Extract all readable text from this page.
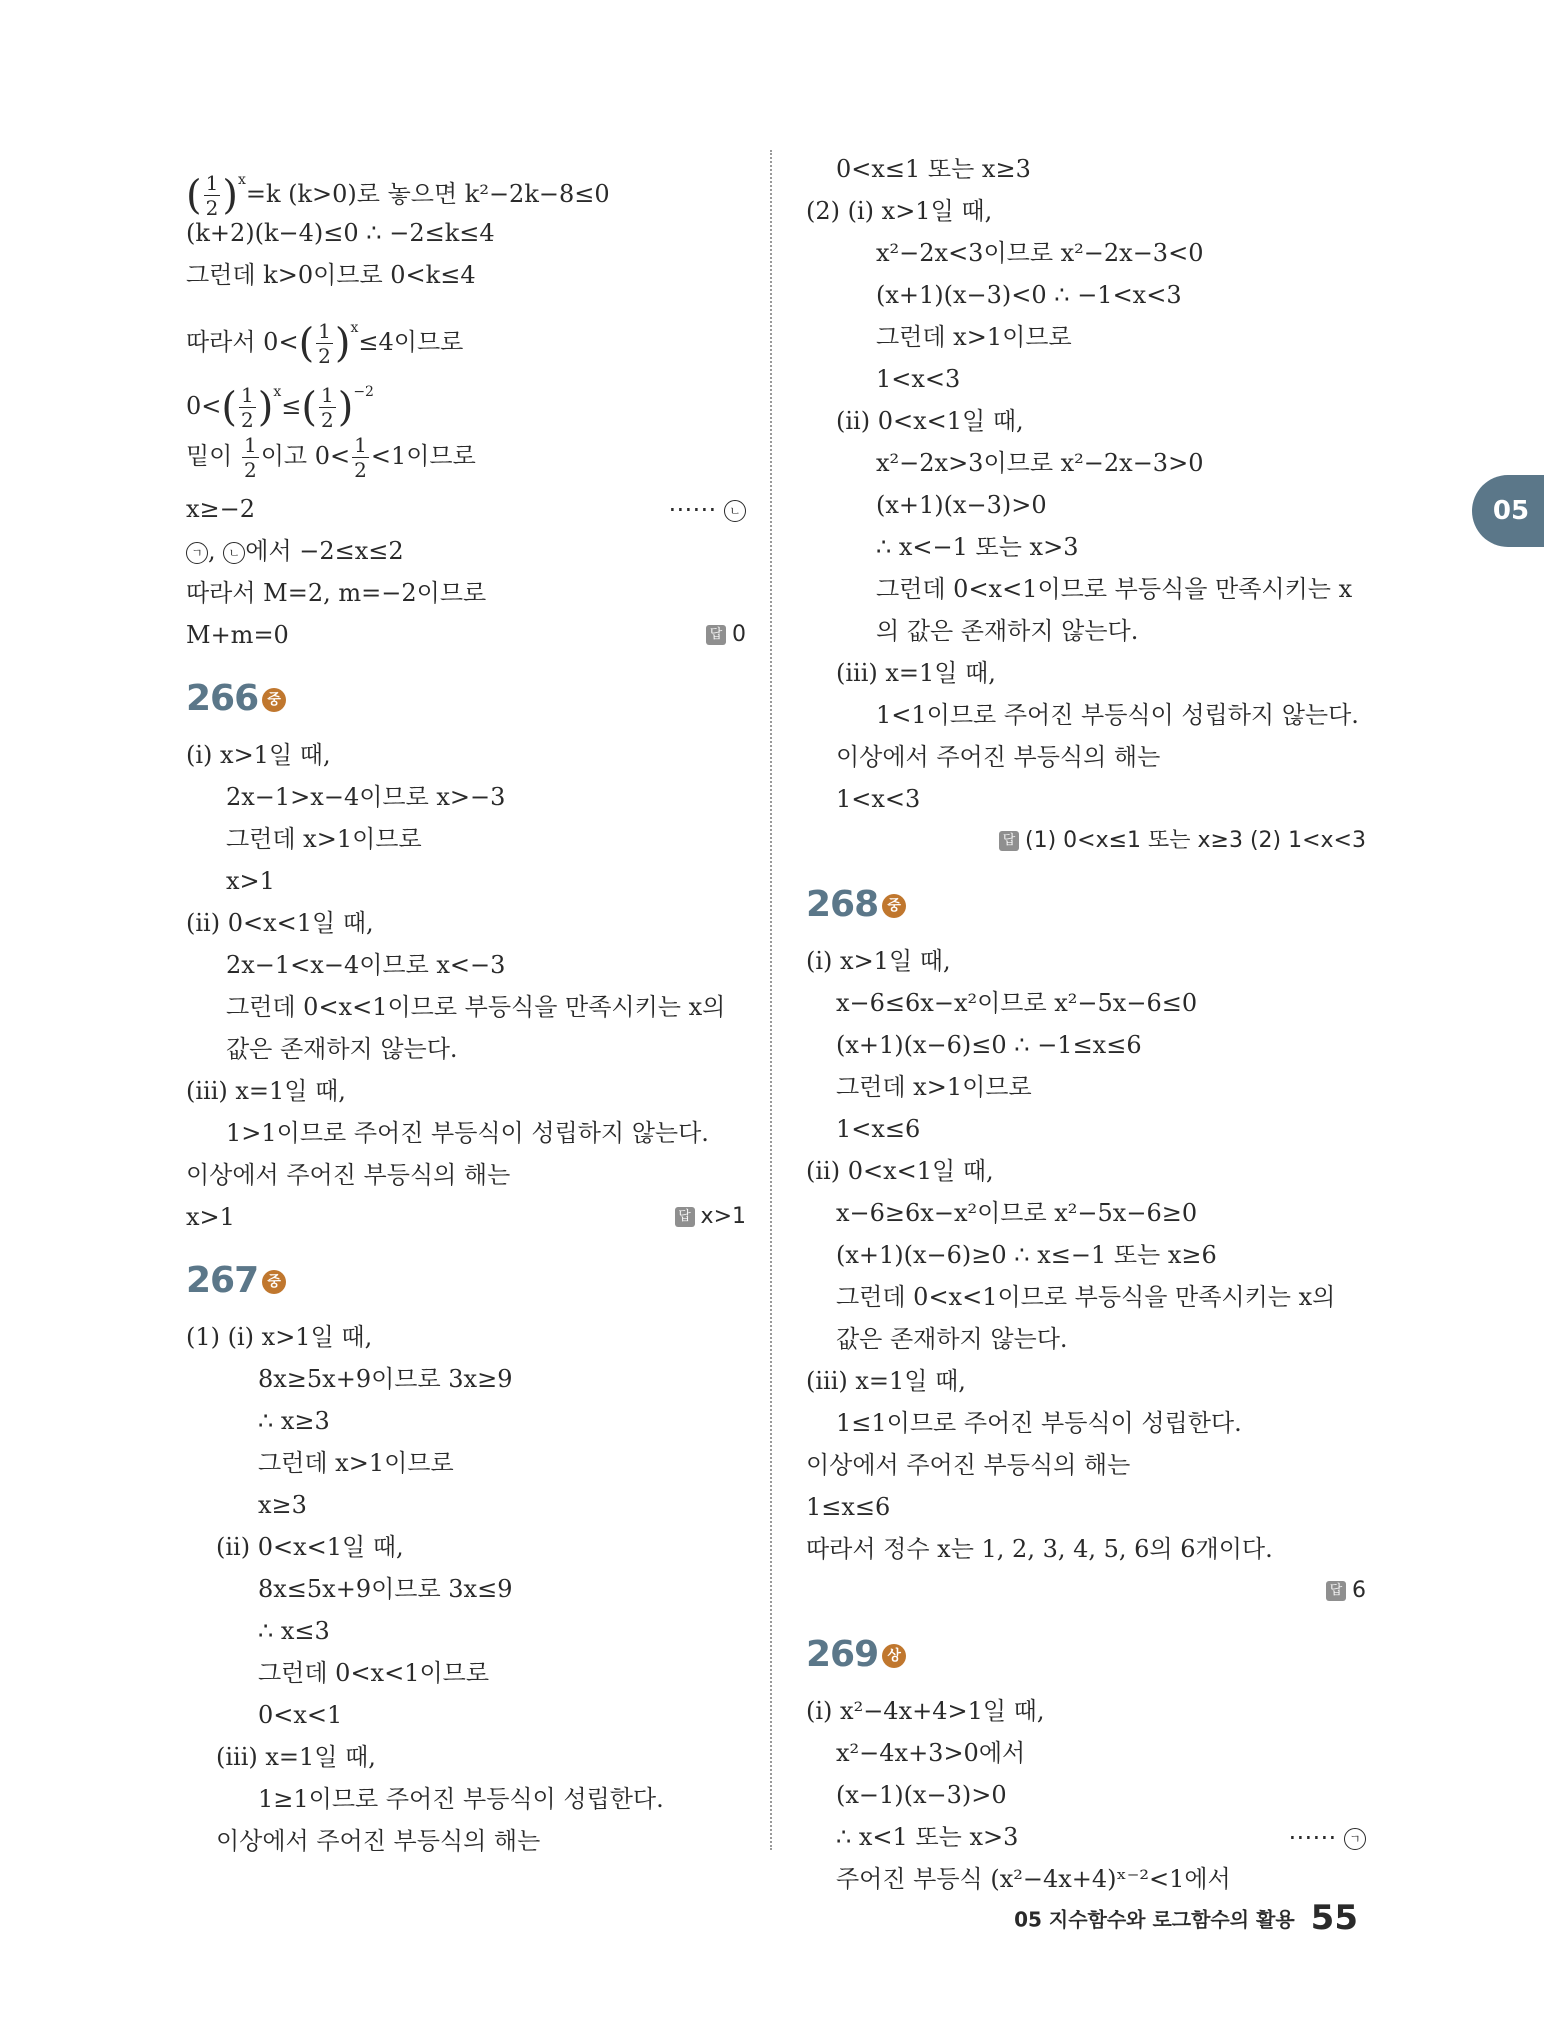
( $\frac{1}{2} )^x=k$ (k>0)로 놓으면 k²−2k−8≤0
(k+2)(k−4)≤0 ∴ −2≤k≤4
그런데 k>0이므로 0<k≤4
따라서 $0<( \frac{1}{2} )^x\le 4$이므로
$0<( \frac{1}{2} )^x\le( \frac{1}{2} )^{-2}$
밑이 $\frac{1}{2}$ 이고 $0< \frac{1}{2} <1$이므로
x≥−2	⋯⋯ ㄴ
ㄱ , ㄴ 에서 −2≤x≤2
따라서 M=2, m=−2이므로
M+m=0	답 0
266 중
(i) x>1일 때,
2x−1>x−4이므로 x>−3
그런데 x>1이므로
x>1
(ii) 0<x<1일 때,
2x−1<x−4이므로 x<−3
그런데 0<x<1이므로 부등식을 만족시키는 x의
값은 존재하지 않는다.
(iii) x=1일 때,
1>1이므로 주어진 부등식이 성립하지 않는다.
이상에서 주어진 부등식의 해는
x>1	답 x>1
267 중
(1) (i) x>1일 때,
8x≥5x+9이므로 3x≥9
∴ x≥3
그런데 x>1이므로
x≥3
(ii) 0<x<1일 때,
8x≤5x+9이므로 3x≤9
∴ x≤3
그런데 0<x<1이므로
0<x<1
(iii) x=1일 때,
1≥1이므로 주어진 부등식이 성립한다.
이상에서 주어진 부등식의 해는
0<x≤1 또는 x≥3
(2) (i) x>1일 때,
x²−2x<3이므로 x²−2x−3<0
(x+1)(x−3)<0 ∴ −1<x<3
그런데 x>1이므로
1<x<3
(ii) 0<x<1일 때,
x²−2x>3이므로 x²−2x−3>0
(x+1)(x−3)>0
∴ x<−1 또는 x>3
그런데 0<x<1이므로 부등식을 만족시키는 x
의 값은 존재하지 않는다.
(iii) x=1일 때,
1<1이므로 주어진 부등식이 성립하지 않는다.
이상에서 주어진 부등식의 해는
1<x<3
답 (1) 0<x≤1 또는 x≥3 (2) 1<x<3
268 중
(i) x>1일 때,
x−6≤6x−x²이므로 x²−5x−6≤0
(x+1)(x−6)≤0 ∴ −1≤x≤6
그런데 x>1이므로
1<x≤6
(ii) 0<x<1일 때,
x−6≥6x−x²이므로 x²−5x−6≥0
(x+1)(x−6)≥0 ∴ x≤−1 또는 x≥6
그런데 0<x<1이므로 부등식을 만족시키는 x의
값은 존재하지 않는다.
(iii) x=1일 때,
1≤1이므로 주어진 부등식이 성립한다.
이상에서 주어진 부등식의 해는
1≤x≤6
따라서 정수 x는 1, 2, 3, 4, 5, 6의 6개이다.
답 6
269 상
(i) x²−4x+4>1일 때,
x²−4x+3>0에서
(x−1)(x−3)>0
∴ x<1 또는 x>3	⋯⋯ ㄱ
주어진 부등식 (x²−4x+4)ˣ⁻²<1에서
05
05 지수함수와 로그함수의 활용 55
